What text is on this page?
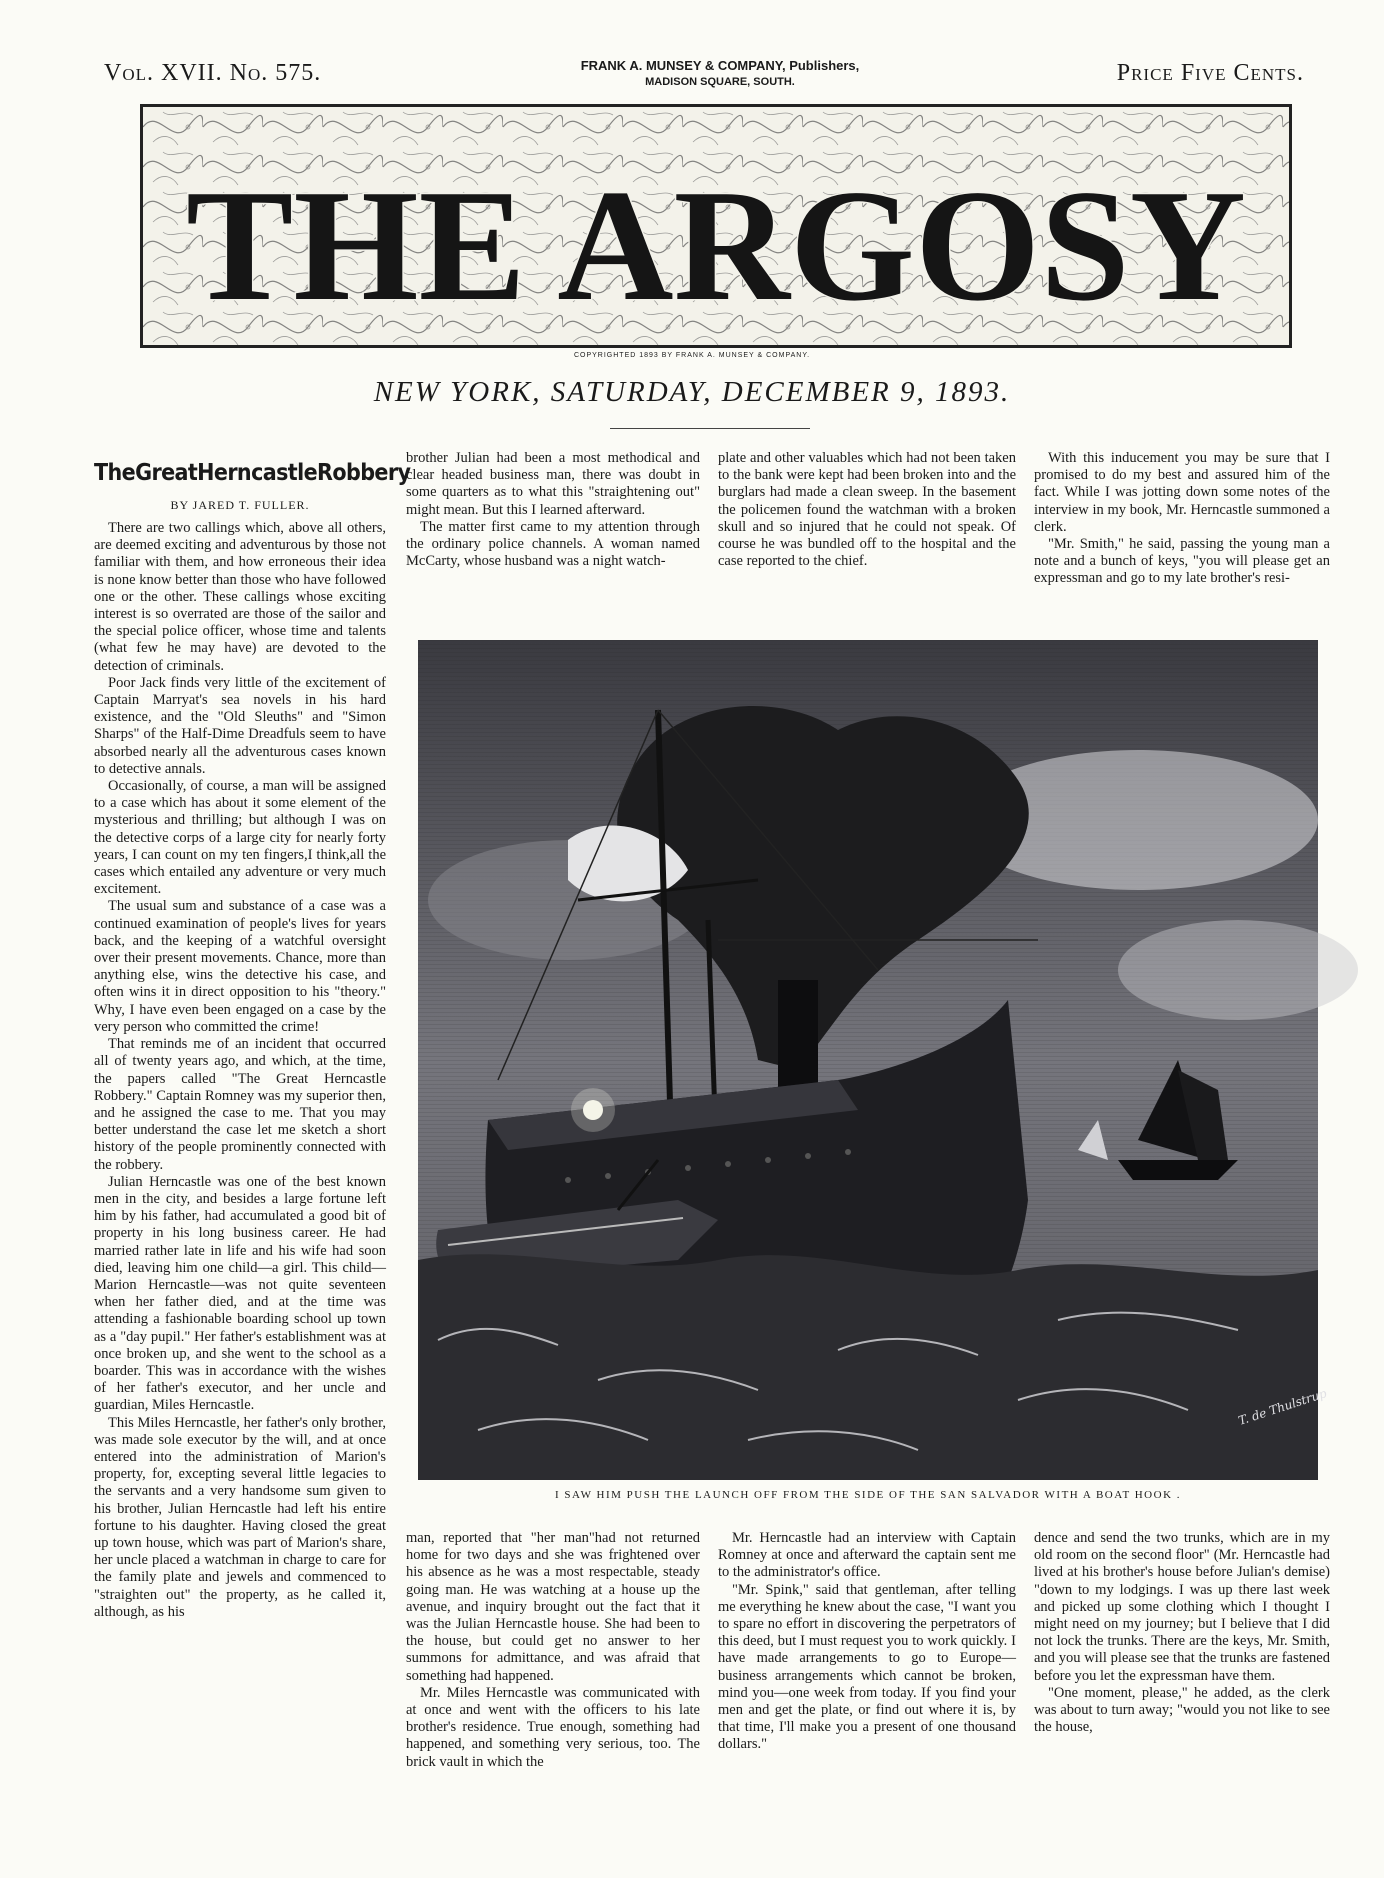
Vol. XVII. No. 575.	FRANK A. MUNSEY & COMPANY, Publishers,
MADISON SQUARE, SOUTH.	Price Five Cents.
THE ARGOSY
COPYRIGHTED 1893 BY FRANK A. MUNSEY & COMPANY.
NEW YORK, SATURDAY, DECEMBER 9, 1893.
TheGreatHerncastleRobbery
BY JARED T. FULLER.

There are two callings which, above all others, are deemed exciting and adventurous by those not familiar with them, and how erroneous their idea is none know better than those who have followed one or the other. These callings whose exciting interest is so overrated are those of the sailor and the special police officer, whose time and talents (what few he may have) are devoted to the detection of criminals.

Poor Jack finds very little of the excitement of Captain Marryat's sea novels in his hard existence, and the "Old Sleuths" and "Simon Sharps" of the Half-Dime Dreadfuls seem to have absorbed nearly all the adventurous cases known to detective annals.

Occasionally, of course, a man will be assigned to a case which has about it some element of the mysterious and thrilling; but although I was on the detective corps of a large city for nearly forty years, I can count on my ten fingers,I think,all the cases which entailed any adventure or very much excitement.

The usual sum and substance of a case was a continued examination of people's lives for years back, and the keeping of a watchful oversight over their present movements. Chance, more than anything else, wins the detective his case, and often wins it in direct opposition to his "theory." Why, I have even been engaged on a case by the very person who committed the crime!

That reminds me of an incident that occurred all of twenty years ago, and which, at the time, the papers called "The Great Herncastle Robbery." Captain Romney was my superior then, and he assigned the case to me. That you may better understand the case let me sketch a short history of the people prominently connected with the robbery.

Julian Herncastle was one of the best known men in the city, and besides a large fortune left him by his father, had accumulated a good bit of property in his long business career. He had married rather late in life and his wife had soon died, leaving him one child—a girl. This child—Marion Herncastle—was not quite seventeen when her father died, and at the time was attending a fashionable boarding school up town as a "day pupil." Her father's establishment was at once broken up, and she went to the school as a boarder. This was in accordance with the wishes of her father's executor, and her uncle and guardian, Miles Herncastle.

This Miles Herncastle, her father's only brother, was made sole executor by the will, and at once entered into the administration of Marion's property, for, excepting several little legacies to the servants and a very handsome sum given to his brother, Julian Herncastle had left his entire fortune to his daughter. Having closed the great up town house, which was part of Marion's share, her uncle placed a watchman in charge to care for the family plate and jewels and commenced to "straighten out" the property, as he called it, although, as his

brother Julian had been a most methodical and clear headed business man, there was doubt in some quarters as to what this "straightening out" might mean. But this I learned afterward.

The matter first came to my attention through the ordinary police channels. A woman named McCarty, whose husband was a night watch-

plate and other valuables which had not been taken to the bank were kept had been broken into and the burglars had made a clean sweep. In the basement the policemen found the watchman with a broken skull and so injured that he could not speak. Of course he was bundled off to the hospital and the case reported to the chief.

With this inducement you may be sure that I promised to do my best and assured him of the fact. While I was jotting down some notes of the interview in my book, Mr. Herncastle summoned a clerk.

"Mr. Smith," he said, passing the young man a note and a bunch of keys, "you will please get an expressman and go to my late brother's resi-

T. de Thulstrup
I SAW HIM PUSH THE LAUNCH OFF FROM THE SIDE OF THE SAN SALVADOR WITH A BOAT HOOK .

man, reported that "her man"had not returned home for two days and she was frightened over his absence as he was a most respectable, steady going man. He was watching at a house up the avenue, and inquiry brought out the fact that it was the Julian Herncastle house. She had been to the house, but could get no answer to her summons for admittance, and was afraid that something had happened.

Mr. Miles Herncastle was communicated with at once and went with the officers to his late brother's residence. True enough, something had happened, and something very serious, too. The brick vault in which the

Mr. Herncastle had an interview with Captain Romney at once and afterward the captain sent me to the administrator's office.

"Mr. Spink," said that gentleman, after telling me everything he knew about the case, "I want you to spare no effort in discovering the perpetrators of this deed, but I must request you to work quickly. I have made arrangements to go to Europe—business arrangements which cannot be broken, mind you—one week from today. If you find your men and get the plate, or find out where it is, by that time, I'll make you a present of one thousand dollars."

dence and send the two trunks, which are in my old room on the second floor" (Mr. Herncastle had lived at his brother's house before Julian's demise) "down to my lodgings. I was up there last week and picked up some clothing which I thought I might need on my journey; but I believe that I did not lock the trunks. There are the keys, Mr. Smith, and you will please see that the trunks are fastened before you let the expressman have them.

"One moment, please," he added, as the clerk was about to turn away; "would you not like to see the house,
